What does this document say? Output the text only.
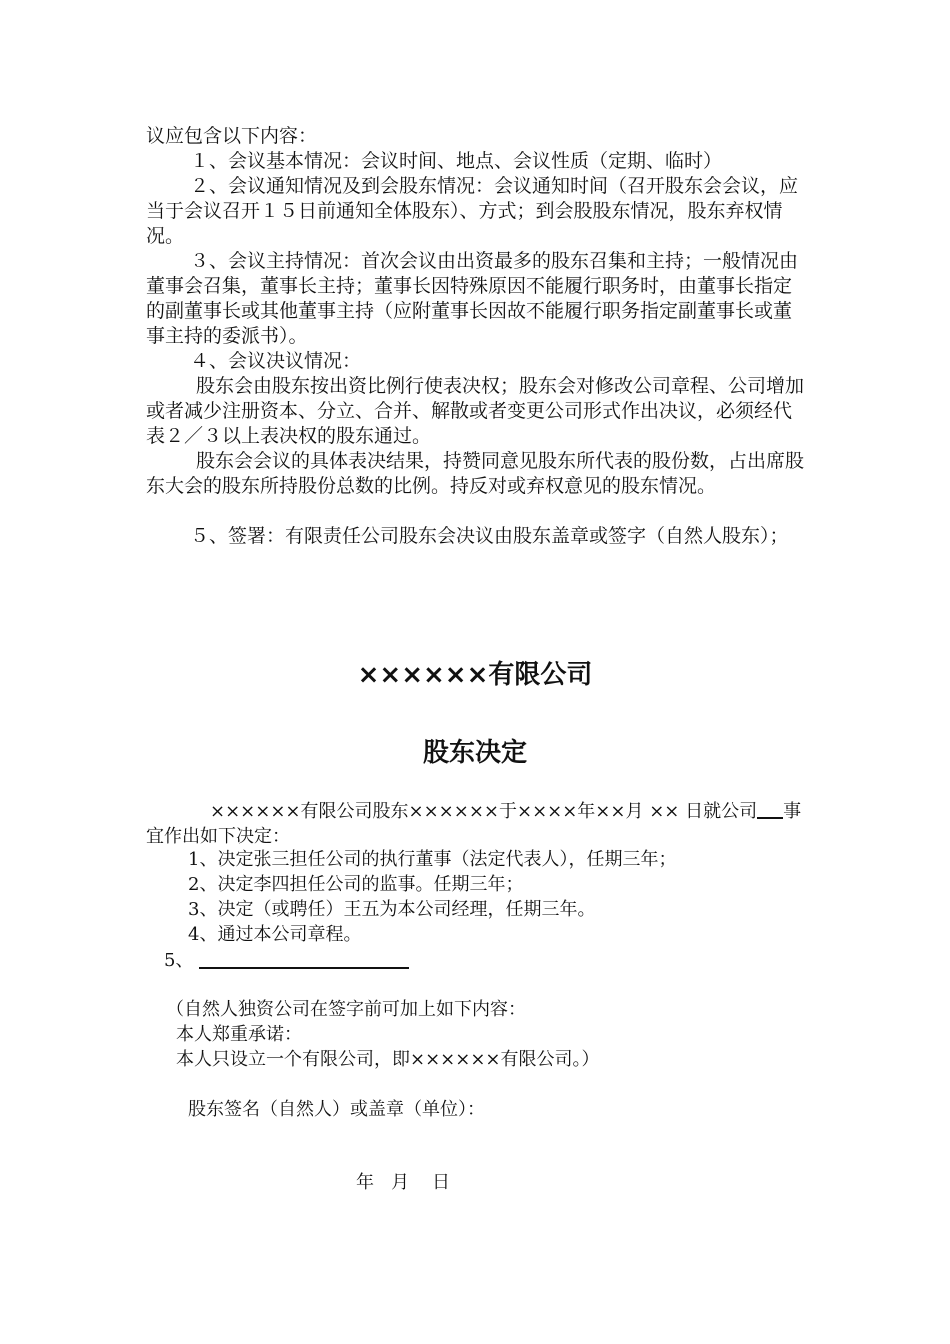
议应包含以下内容：

１、会议基本情况：会议时间、地点、会议性质（定期、临时）

２、会议通知情况及到会股东情况：会议通知时间（召开股东会会议，应当于会议召开１５日前通知全体股东）、方式；到会股股东情况，股东弃权情况。

３、会议主持情况：首次会议由出资最多的股东召集和主持；一般情况由董事会召集，董事长主持；董事长因特殊原因不能履行职务时，由董事长指定的副董事长或其他董事主持（应附董事长因故不能履行职务指定副董事长或董事主持的委派书）。

４、会议决议情况：

股东会由股东按出资比例行使表决权；股东会对修改公司章程、公司增加或者减少注册资本、分立、合并、解散或者变更公司形式作出决议，必须经代表２／３以上表决权的股东通过。

股东会会议的具体表决结果，持赞同意见股东所代表的股份数，占出席股东大会的股东所持股份总数的比例。持反对或弃权意见的股东情况。

５、签署：有限责任公司股东会决议由股东盖章或签字（自然人股东）；

××××××有限公司
股东决定

××××××有限公司股东××××××于××××年××月 ×× 日就公司 事宜作出如下决定：

1、决定张三担任公司的执行董事（法定代表人），任期三年；

2、决定李四担任公司的监事。任期三年；

3、决定（或聘任）王五为本公司经理，任期三年。

4、通过本公司章程。

5、

（自然人独资公司在签字前可加上如下内容：

本人郑重承诺：

本人只设立一个有限公司，即××××××有限公司。）

股东签名（自然人）或盖章（单位）：

年   月    日
